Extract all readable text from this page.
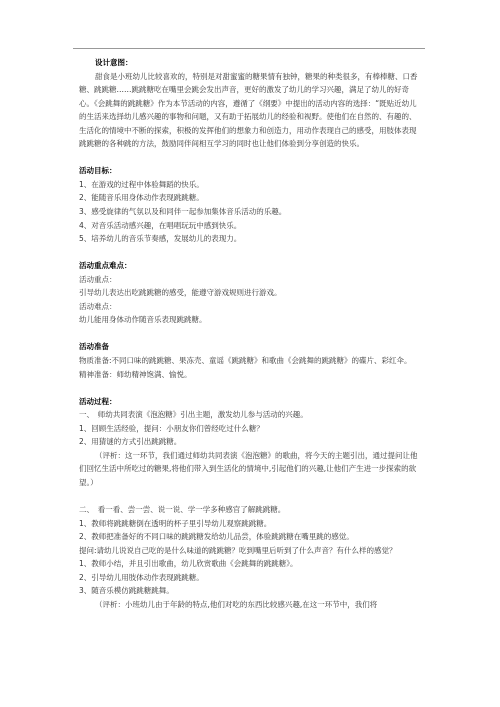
设计意图：

甜食是小班幼儿比较喜欢的，特别是对甜蜜蜜的糖果情有独钟，糖果的种类很多，有棒棒糖、口香糖、跳跳糖……跳跳糖吃在嘴里会跳会发出声音，更好的激发了幼儿的学习兴趣，满足了幼儿的好奇心。《会跳舞的跳跳糖》作为本节活动的内容，遵循了《纲要》中提出的活动内容的选择：“既贴近幼儿的生活来选择幼儿感兴趣的事物和问题，又有助于拓展幼儿的经验和视野。使他们在自然的、有趣的、生活化的情境中不断的探索，积极的发挥他们的想象力和创造力，用动作表现自己的感受，用肢体表现跳跳糖的各种跳的方法，鼓励同伴间相互学习的同时也让他们体验到分享创造的快乐。

活动目标：

1、在游戏的过程中体验舞蹈的快乐。

2、能随音乐用身体动作表现跳跳糖。

3、感受旋律的气氛以及和同伴一起参加集体音乐活动的乐趣。

4、对音乐活动感兴趣，在唱唱玩玩中感到快乐。

5、培养幼儿的音乐节奏感，发展幼儿的表现力。

活动重点难点：

活动重点：

引导幼儿表达出吃跳跳糖的感受，能遵守游戏规则进行游戏。

活动难点：

幼儿能用身体动作随音乐表现跳跳糖。

活动准备

物质准备:不同口味的跳跳糖、果冻壳、童谣《跳跳糖》和歌曲《会跳舞的跳跳糖》的碟片、彩红伞。

精神准备：师幼精神饱满、愉悦。

活动过程：

一、　师幼共同表演《泡泡糖》引出主题，激发幼儿参与活动的兴趣。

1、回顾生活经验，提问：小朋友你们曾经吃过什么糖？

2、用猜谜的方式引出跳跳糖。

（评析：这一环节，我们通过师幼共同表演《泡泡糖》的歌曲，将今天的主题引出，通过提问让他们回忆生活中所吃过的糖果,将他们带入到生活化的情境中,引起他们的兴趣,让他们产生进一步探索的欲望。）

二、　看一看、尝一尝、说一说、学一学多种感官了解跳跳糖。

1、教师将跳跳糖倒在透明的杯子里引导幼儿观察跳跳糖。

2、教师把准备好的不同口味的跳跳糖发给幼儿品尝，体验跳跳糖在嘴里跳的感觉。

提问:请幼儿说说自己吃的是什么味道的跳跳糖？吃到嘴里后听到了什么声音？有什么样的感觉？

1、教师小结，并且引出歌曲，幼儿欣赏歌曲《会跳舞的跳跳糖》。

2、引导幼儿用肢体动作表现跳跳糖。

3、随音乐模仿跳跳糖跳舞。

（评析：小班幼儿由于年龄的特点,他们对吃的东西比较感兴趣,在这一环节中，我们将
